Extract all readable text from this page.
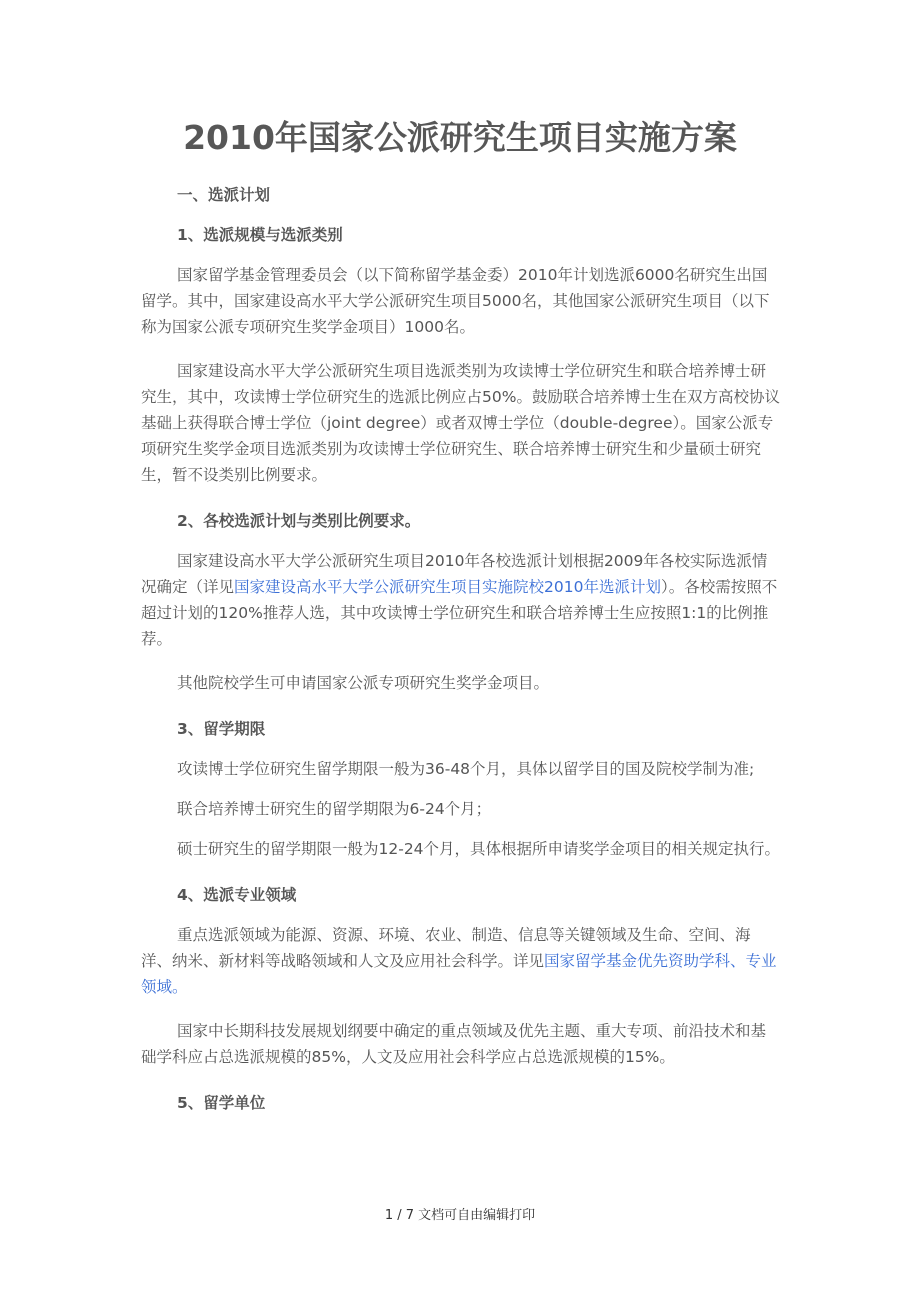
2010年国家公派研究生项目实施方案

一、选派计划

1、选派规模与选派类别

国家留学基金管理委员会（以下简称留学基金委）2010年计划选派6000名研究生出国留学。其中，国家建设高水平大学公派研究生项目5000名，其他国家公派研究生项目（以下称为国家公派专项研究生奖学金项目）1000名。

国家建设高水平大学公派研究生项目选派类别为攻读博士学位研究生和联合培养博士研究生，其中，攻读博士学位研究生的选派比例应占50%。鼓励联合培养博士生在双方高校协议基础上获得联合博士学位（joint degree）或者双博士学位（double-degree）。国家公派专项研究生奖学金项目选派类别为攻读博士学位研究生、联合培养博士研究生和少量硕士研究生，暂不设类别比例要求。

2、各校选派计划与类别比例要求。

国家建设高水平大学公派研究生项目2010年各校选派计划根据2009年各校实际选派情况确定（详见国家建设高水平大学公派研究生项目实施院校2010年选派计划）。各校需按照不超过计划的120%推荐人选，其中攻读博士学位研究生和联合培养博士生应按照1:1的比例推荐。

其他院校学生可申请国家公派专项研究生奖学金项目。

3、留学期限

攻读博士学位研究生留学期限一般为36-48个月，具体以留学目的国及院校学制为准;

联合培养博士研究生的留学期限为6-24个月；

硕士研究生的留学期限一般为12-24个月，具体根据所申请奖学金项目的相关规定执行。

4、选派专业领域

重点选派领域为能源、资源、环境、农业、制造、信息等关键领域及生命、空间、海洋、纳米、新材料等战略领域和人文及应用社会科学。详见国家留学基金优先资助学科、专业领域。

国家中长期科技发展规划纲要中确定的重点领域及优先主题、重大专项、前沿技术和基础学科应占总选派规模的85%，人文及应用社会科学应占总选派规模的15%。

5、留学单位

1 / 7 文档可自由编辑打印
